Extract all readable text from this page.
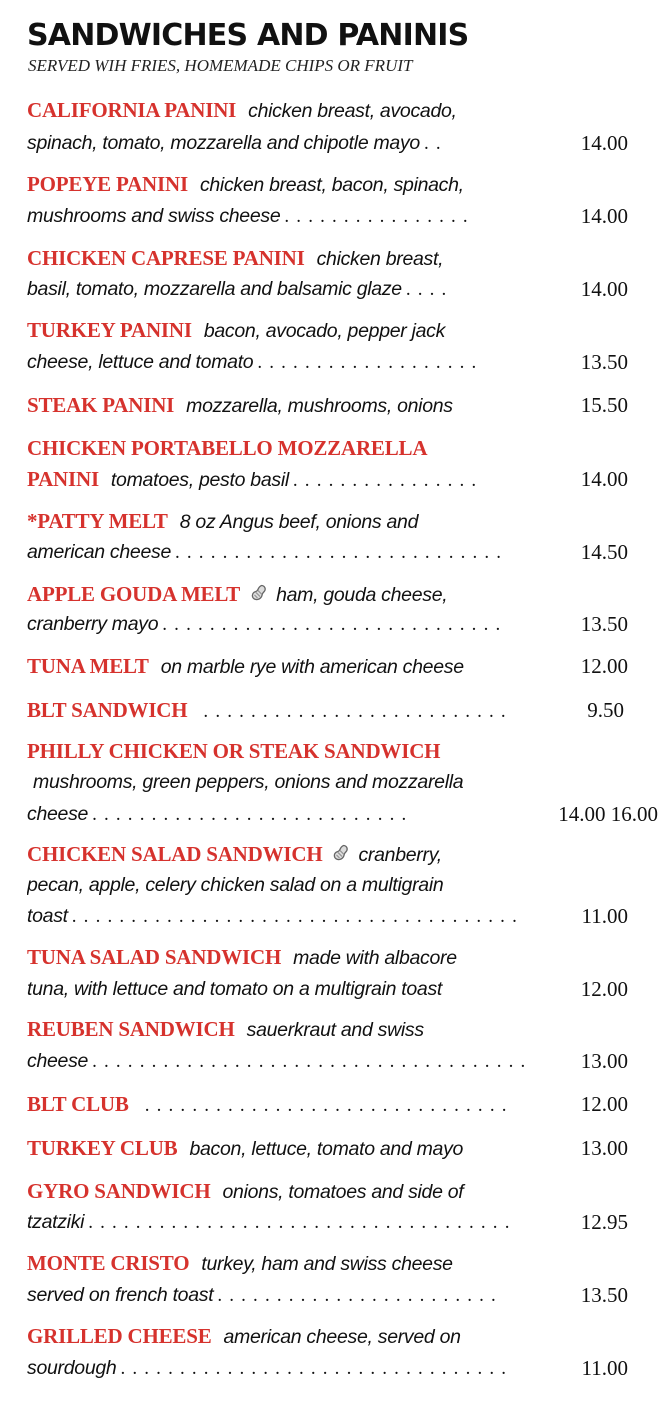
SANDWICHES AND PANINIS
SERVED WIH FRIES, HOMEMADE CHIPS OR FRUIT
CALIFORNIA PANINI chicken breast, avocado,
spinach, tomato, mozzarella and chipotle mayo . .	14.00
POPEYE PANINI chicken breast, bacon, spinach,
mushrooms and swiss cheese . . . . . . . . . . . . . . . .	14.00
CHICKEN CAPRESE PANINI chicken breast,
basil, tomato, mozzarella and balsamic glaze . . . .	14.00
TURKEY PANINI bacon, avocado, pepper jack
cheese, lettuce and tomato . . . . . . . . . . . . . . . . . . .	13.50
STEAK PANINI mozzarella, mushrooms, onions	15.50
CHICKEN PORTABELLO MOZZARELLA
PANINI tomatoes, pesto basil . . . . . . . . . . . . . . . .	14.00
*PATTY MELT 8 oz Angus beef, onions and
american cheese . . . . . . . . . . . . . . . . . . . . . . . . . . . .	14.50
APPLE GOUDA MELT ham, gouda cheese,
cranberry mayo . . . . . . . . . . . . . . . . . . . . . . . . . . . . .	13.50
TUNA MELT on marble rye with american cheese	12.00
BLT SANDWICH . . . . . . . . . . . . . . . . . . . . . . . . . .	9.50
PHILLY CHICKEN OR STEAK SANDWICH
mushrooms, green peppers, onions and mozzarella
cheese . . . . . . . . . . . . . . . . . . . . . . . . . . .	14.00 16.00
CHICKEN SALAD SANDWICH cranberry,
pecan, apple, celery chicken salad on a multigrain
toast . . . . . . . . . . . . . . . . . . . . . . . . . . . . . . . . . . . . . .	11.00
TUNA SALAD SANDWICH made with albacore
tuna, with lettuce and tomato on a multigrain toast	12.00
REUBEN SANDWICH sauerkraut and swiss
cheese . . . . . . . . . . . . . . . . . . . . . . . . . . . . . . . . . . . . .	13.00
BLT CLUB . . . . . . . . . . . . . . . . . . . . . . . . . . . . . . .	12.00
TURKEY CLUB bacon, lettuce, tomato and mayo	13.00
GYRO SANDWICH onions, tomatoes and side of
tzatziki . . . . . . . . . . . . . . . . . . . . . . . . . . . . . . . . . . . .	12.95
MONTE CRISTO turkey, ham and swiss cheese
served on french toast . . . . . . . . . . . . . . . . . . . . . . . .	13.50
GRILLED CHEESE american cheese, served on
sourdough . . . . . . . . . . . . . . . . . . . . . . . . . . . . . . . . .	11.00
